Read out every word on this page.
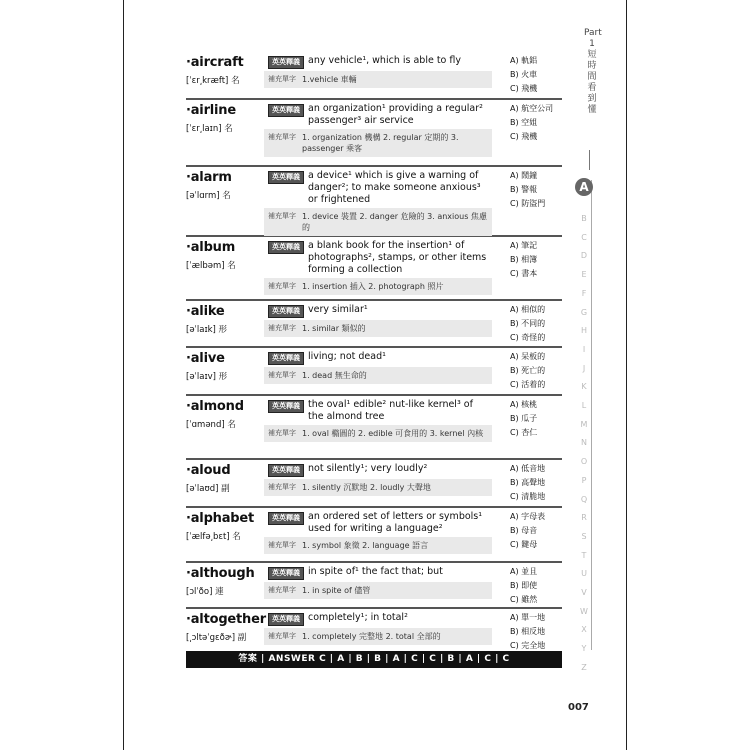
Part 1
短時間看到懂
A
B
C
D
E
F
G
H
I
J
K
L
M
N
O
P
Q
R
S
T
U
V
W
X
Y
Z
·aircraft
[ˈɛr͵kræft] 名
英英釋義 any vehicle¹, which is able to fly
補充單字 1.vehicle 車輛
A) 軌鋁
B) 火車
C) 飛機
·airline
[ˈɛr͵laɪn] 名
英英釋義 an organization¹ providing a regular² passenger³ air service
補充單字 1. organization 機構 2. regular 定期的 3. passenger 乘客
A) 航空公司
B) 空姐
C) 飛機
·alarm
[əˈlɑrm] 名
英英釋義 a device¹ which is give a warning of danger²; to make someone anxious³ or frightened
補充單字 1. device 裝置 2. danger 危險的 3. anxious 焦慮的
A) 鬧鐘
B) 警報
C) 防盜門
·album
[ˈælbəm] 名
英英釋義 a blank book for the insertion¹ of photographs², stamps, or other items forming a collection
補充單字 1. insertion 插入 2. photograph 照片
A) 筆記
B) 相簿
C) 書本
·alike
[əˈlaɪk] 形
英英釋義 very similar¹
補充單字 1. similar 類似的
A) 相似的
B) 不同的
C) 奇怪的
·alive
[əˈlaɪv] 形
英英釋義 living; not dead¹
補充單字 1. dead 無生命的
A) 呆板的
B) 死亡的
C) 活着的
·almond
[ˈɑmənd] 名
英英釋義 the oval¹ edible² nut-like kernel³ of the almond tree
補充單字 1. oval 橢圓的 2. edible 可食用的 3. kernel 內核
A) 核桃
B) 瓜子
C) 杏仁
·aloud
[əˈlaʊd] 副
英英釋義 not silently¹; very loudly²
補充單字 1. silently 沉默地 2. loudly 大聲地
A) 低音地
B) 高聲地
C) 清脆地
·alphabet
[ˈælfə͵bɛt] 名
英英釋義 an ordered set of letters or symbols¹ used for writing a language²
補充單字 1. symbol 象徵 2. language 語言
A) 字母表
B) 母音
C) 鍵母
·although
[ɔlˈðo] 連
英英釋義 in spite of¹ the fact that; but
補充單字 1. in spite of 儘管
A) 並且
B) 即使
C) 雖然
·altogether
[͵ɔltəˈgɛðɚ] 副
英英釋義 completely¹; in total²
補充單字 1. completely 完整地 2. total 全部的
A) 單一地
B) 相反地
C) 完全地
答案 | ANSWER C | A | B | B | A | C | C | B | A | C | C
007
